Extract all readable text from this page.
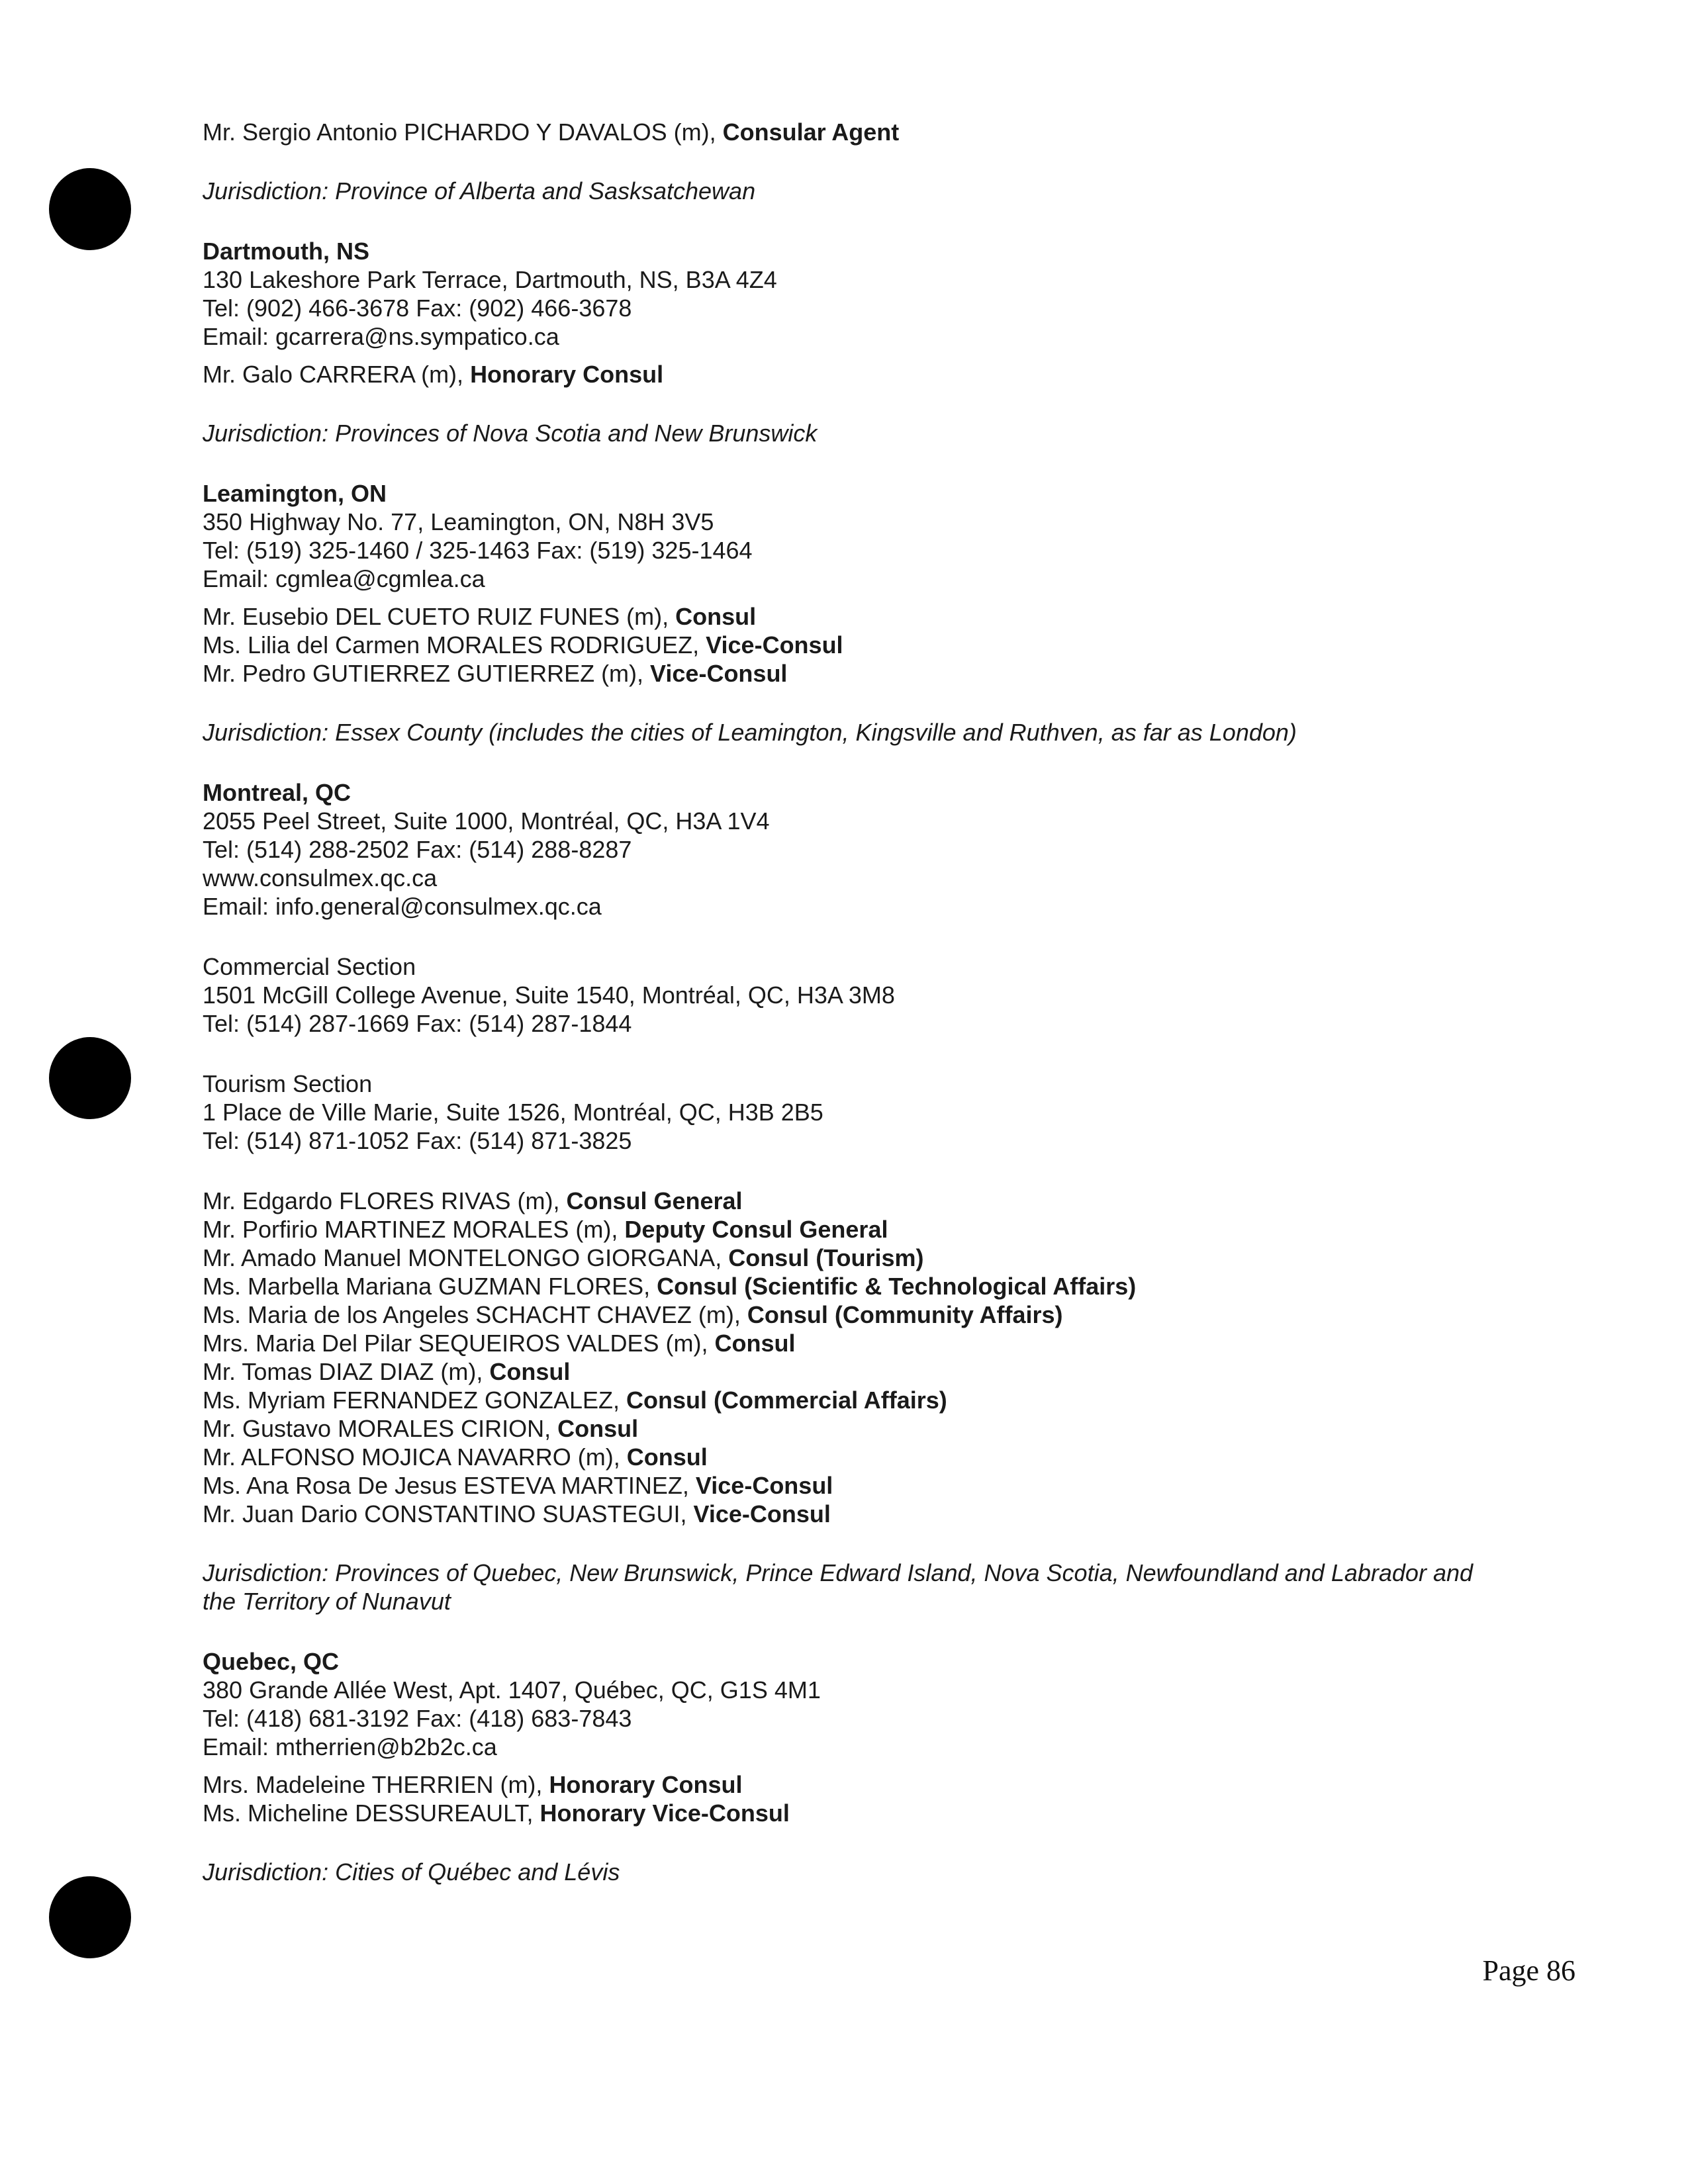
Mr. Sergio Antonio PICHARDO Y DAVALOS (m), Consular Agent

Jurisdiction: Province of Alberta and Sasksatchewan

Dartmouth, NS

130 Lakeshore Park Terrace, Dartmouth, NS, B3A 4Z4

Tel: (902) 466-3678 Fax: (902) 466-3678

Email: gcarrera@ns.sympatico.ca

Mr. Galo CARRERA (m), Honorary Consul

Jurisdiction: Provinces of Nova Scotia and New Brunswick

Leamington, ON

350 Highway No. 77, Leamington, ON, N8H 3V5

Tel: (519) 325-1460 / 325-1463 Fax: (519) 325-1464

Email: cgmlea@cgmlea.ca

Mr. Eusebio DEL CUETO RUIZ FUNES (m), Consul

Ms. Lilia del Carmen MORALES RODRIGUEZ, Vice-Consul

Mr. Pedro GUTIERREZ GUTIERREZ (m), Vice-Consul

Jurisdiction: Essex County (includes the cities of Leamington, Kingsville and Ruthven, as far as London)

Montreal, QC

2055 Peel Street, Suite 1000, Montréal, QC, H3A 1V4

Tel: (514) 288-2502 Fax: (514) 288-8287

www.consulmex.qc.ca

Email: info.general@consulmex.qc.ca

Commercial Section

1501 McGill College Avenue, Suite 1540, Montréal, QC, H3A 3M8

Tel: (514) 287-1669 Fax: (514) 287-1844

Tourism Section

1 Place de Ville Marie, Suite 1526, Montréal, QC, H3B 2B5

Tel: (514) 871-1052 Fax: (514) 871-3825

Mr. Edgardo FLORES RIVAS (m), Consul General

Mr. Porfirio MARTINEZ MORALES (m), Deputy Consul General

Mr. Amado Manuel MONTELONGO GIORGANA, Consul (Tourism)

Ms. Marbella Mariana GUZMAN FLORES, Consul (Scientific & Technological Affairs)

Ms. Maria de los Angeles SCHACHT CHAVEZ (m), Consul (Community Affairs)

Mrs. Maria Del Pilar SEQUEIROS VALDES (m), Consul

Mr. Tomas DIAZ DIAZ (m), Consul

Ms. Myriam FERNANDEZ GONZALEZ, Consul (Commercial Affairs)

Mr. Gustavo MORALES CIRION, Consul

Mr. ALFONSO MOJICA NAVARRO (m), Consul

Ms. Ana Rosa De Jesus ESTEVA MARTINEZ, Vice-Consul

Mr. Juan Dario CONSTANTINO SUASTEGUI, Vice-Consul

Jurisdiction: Provinces of Quebec, New Brunswick, Prince Edward Island, Nova Scotia, Newfoundland and Labrador and

the Territory of Nunavut

Quebec, QC

380 Grande Allée West, Apt. 1407, Québec, QC, G1S 4M1

Tel: (418) 681-3192 Fax: (418) 683-7843

Email: mtherrien@b2b2c.ca

Mrs. Madeleine THERRIEN (m), Honorary Consul

Ms. Micheline DESSUREAULT, Honorary Vice-Consul

Jurisdiction: Cities of Québec and Lévis

Page 86
